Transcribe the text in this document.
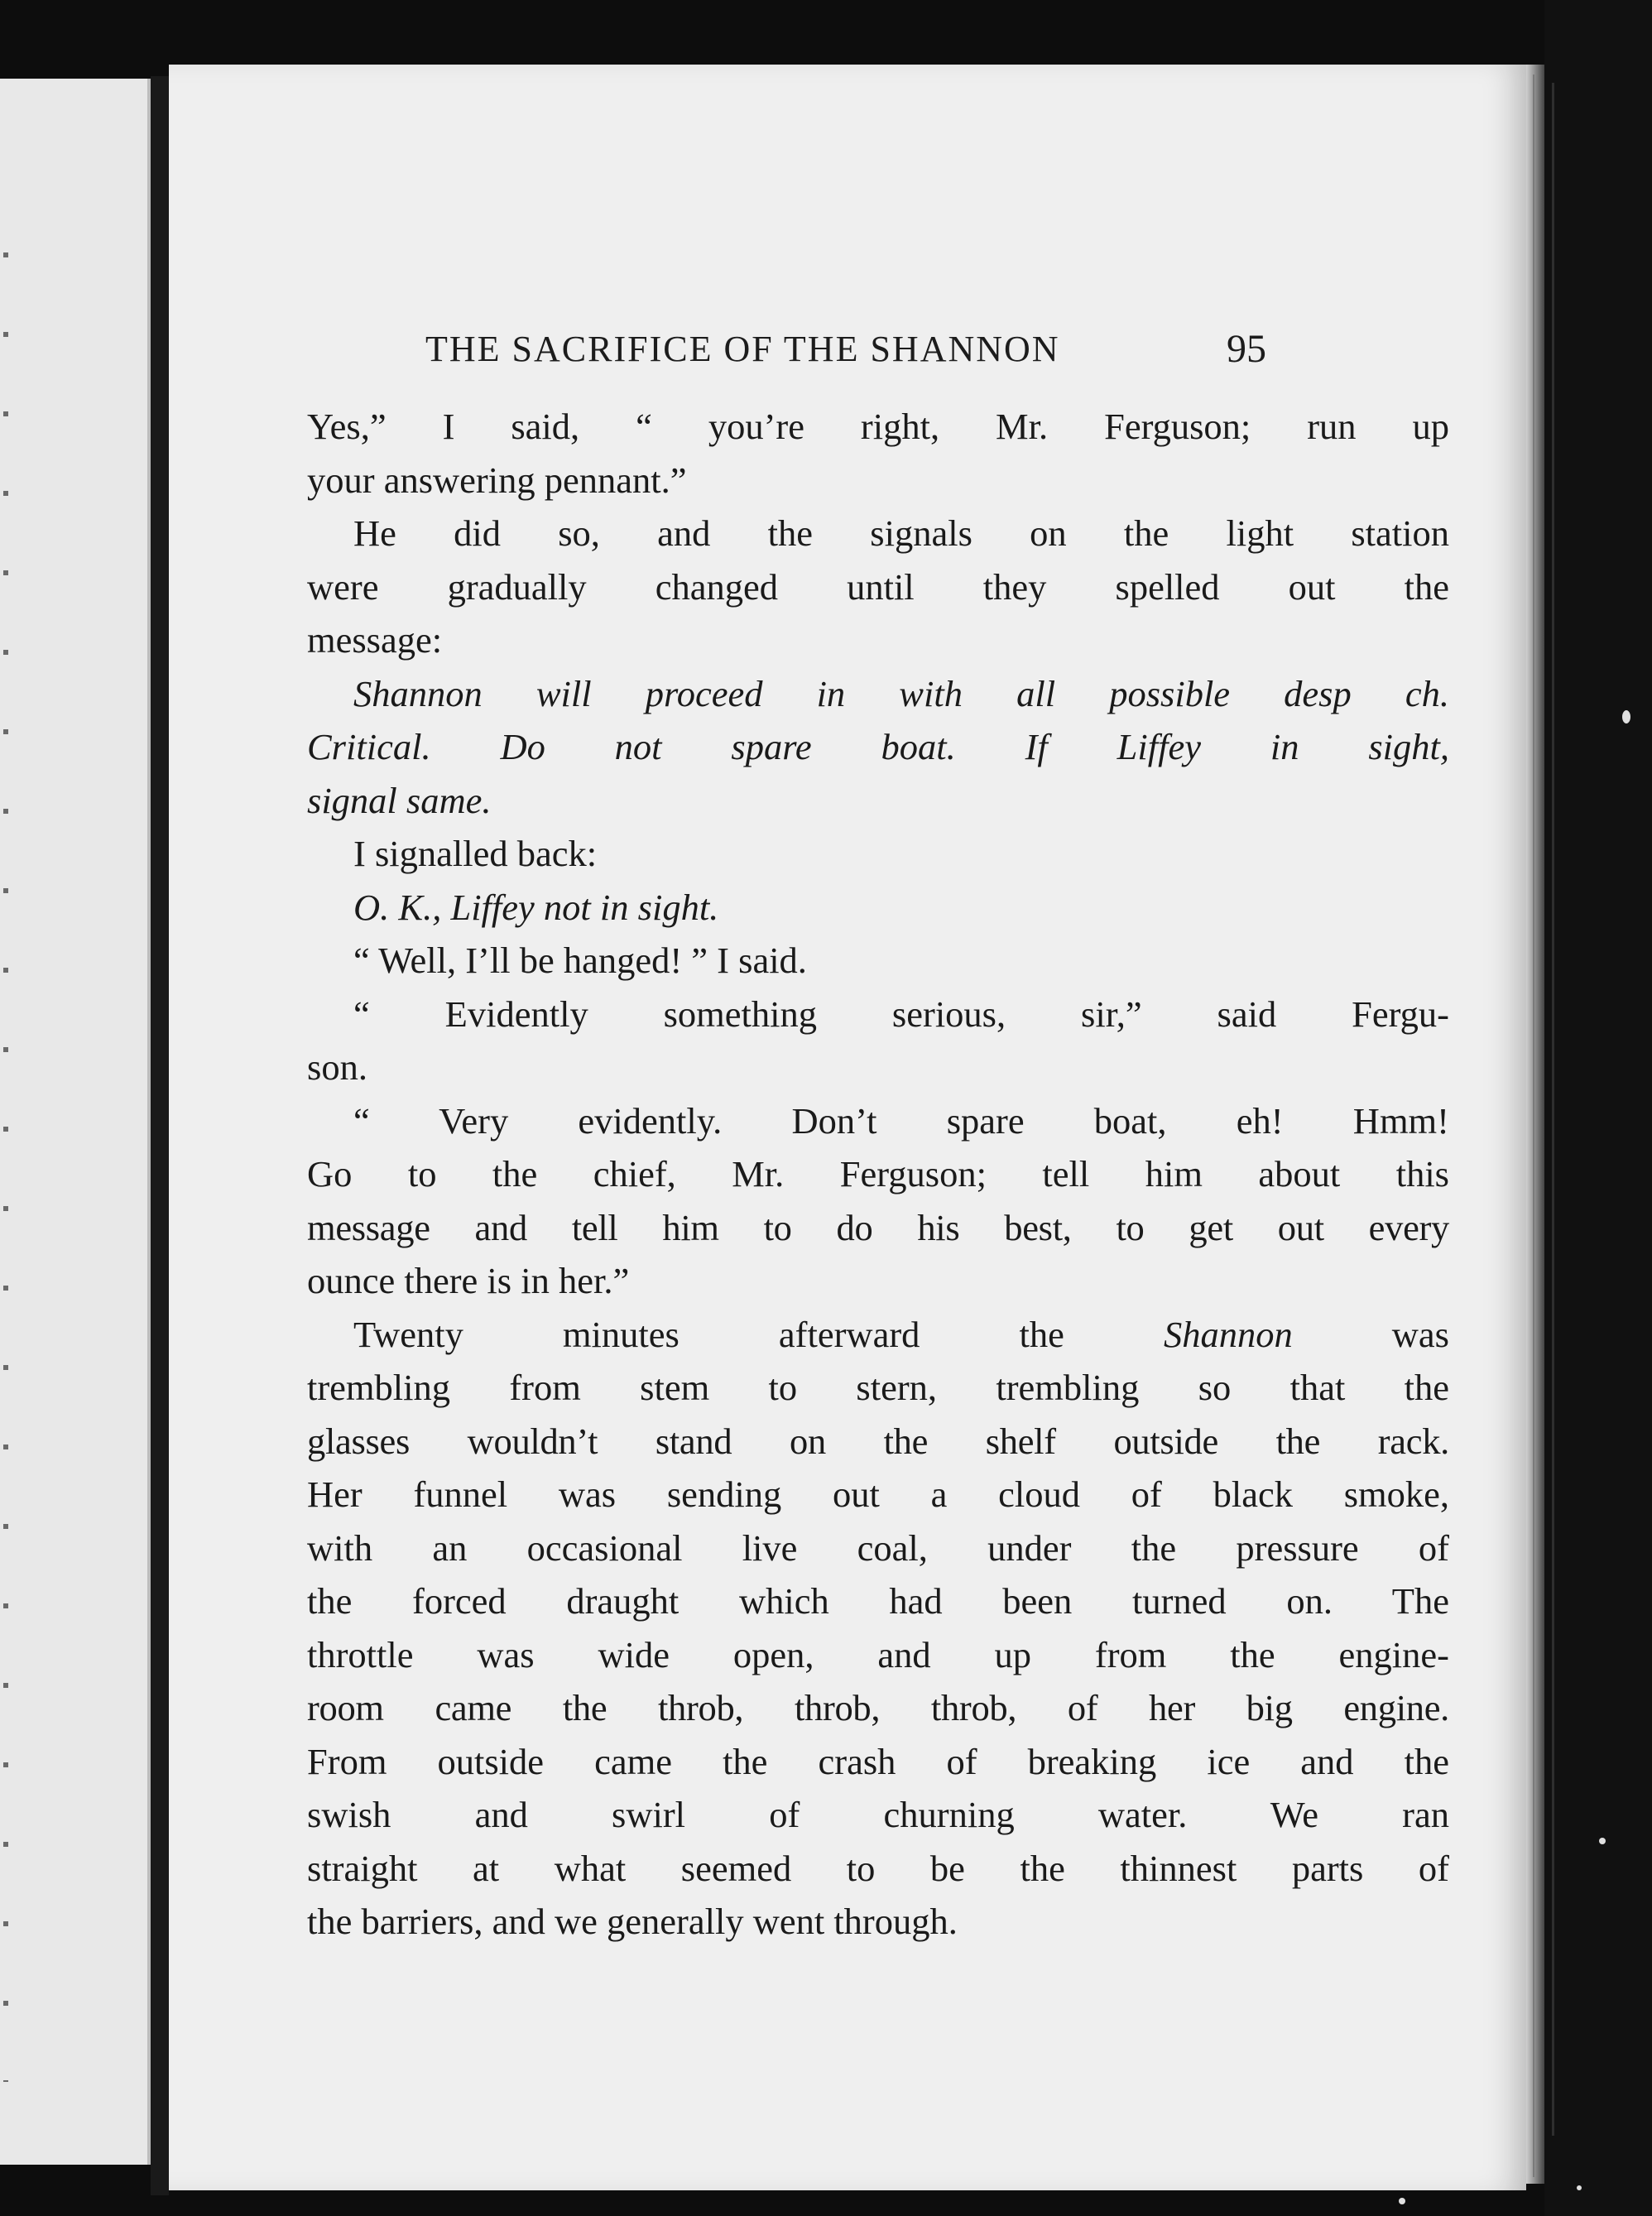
THE SACRIFICE OF THE SHANNON	95
Yes,” I said, “ you’re right, Mr. Ferguson; run up
your answering pennant.”
He did so, and the signals on the light station
were gradually changed until they spelled out the
message:
Shannon will proceed in with all possible desp ch.
Critical. Do not spare boat. If Liffey in sight,
signal same.
I signalled back:
O. K., Liffey not in sight.
“ Well, I’ll be hanged! ” I said.
“ Evidently something serious, sir,” said Fergu-
son.
“ Very evidently. Don’t spare boat, eh! Hmm!
Go to the chief, Mr. Ferguson; tell him about this
message and tell him to do his best, to get out every
ounce there is in her.”
Twenty minutes afterward the Shannon was
trembling from stem to stern, trembling so that the
glasses wouldn’t stand on the shelf outside the rack.
Her funnel was sending out a cloud of black smoke,
with an occasional live coal, under the pressure of
the forced draught which had been turned on. The
throttle was wide open, and up from the engine-
room came the throb, throb, throb, of her big engine.
From outside came the crash of breaking ice and the
swish and swirl of churning water. We ran
straight at what seemed to be the thinnest parts of
the barriers, and we generally went through.
